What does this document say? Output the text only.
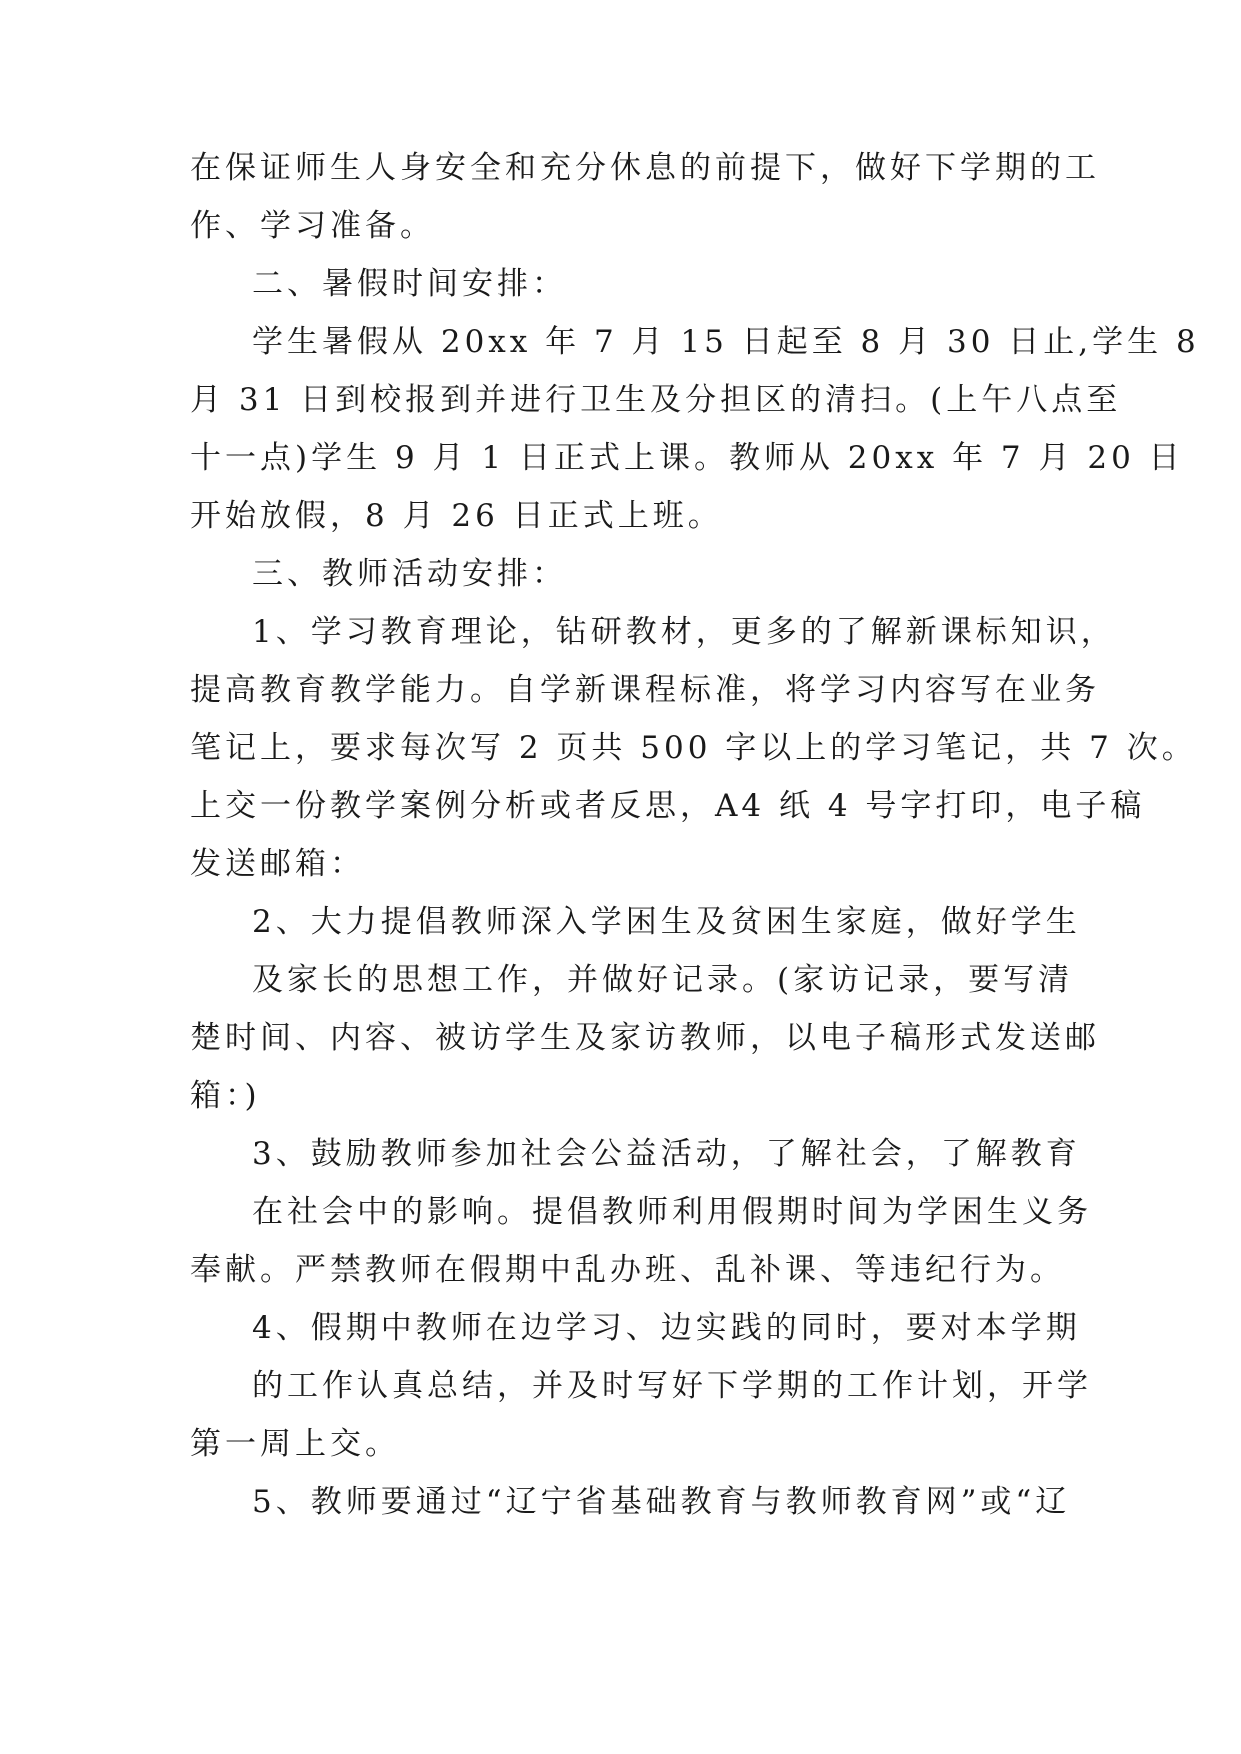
在保证师生人身安全和充分休息的前提下，做好下学期的工
作、学习准备。
二、暑假时间安排：
学生暑假从 20xx 年 7 月 15 日起至 8 月 30 日止,学生 8
月 31 日到校报到并进行卫生及分担区的清扫。(上午八点至
十一点)学生 9 月 1 日正式上课。教师从 20xx 年 7 月 20 日
开始放假，8 月 26 日正式上班。
三、教师活动安排：
1、学习教育理论，钻研教材，更多的了解新课标知识，
提高教育教学能力。自学新课程标准，将学习内容写在业务
笔记上，要求每次写 2 页共 500 字以上的学习笔记，共 7 次。
上交一份教学案例分析或者反思，A4 纸 4 号字打印，电子稿
发送邮箱：
2、大力提倡教师深入学困生及贫困生家庭，做好学生
及家长的思想工作，并做好记录。(家访记录，要写清
楚时间、内容、被访学生及家访教师，以电子稿形式发送邮
箱：)
3、鼓励教师参加社会公益活动，了解社会，了解教育
在社会中的影响。提倡教师利用假期时间为学困生义务
奉献。严禁教师在假期中乱办班、乱补课、等违纪行为。
4、假期中教师在边学习、边实践的同时，要对本学期
的工作认真总结，并及时写好下学期的工作计划，开学
第一周上交。
5、教师要通过“辽宁省基础教育与教师教育网”或“辽
